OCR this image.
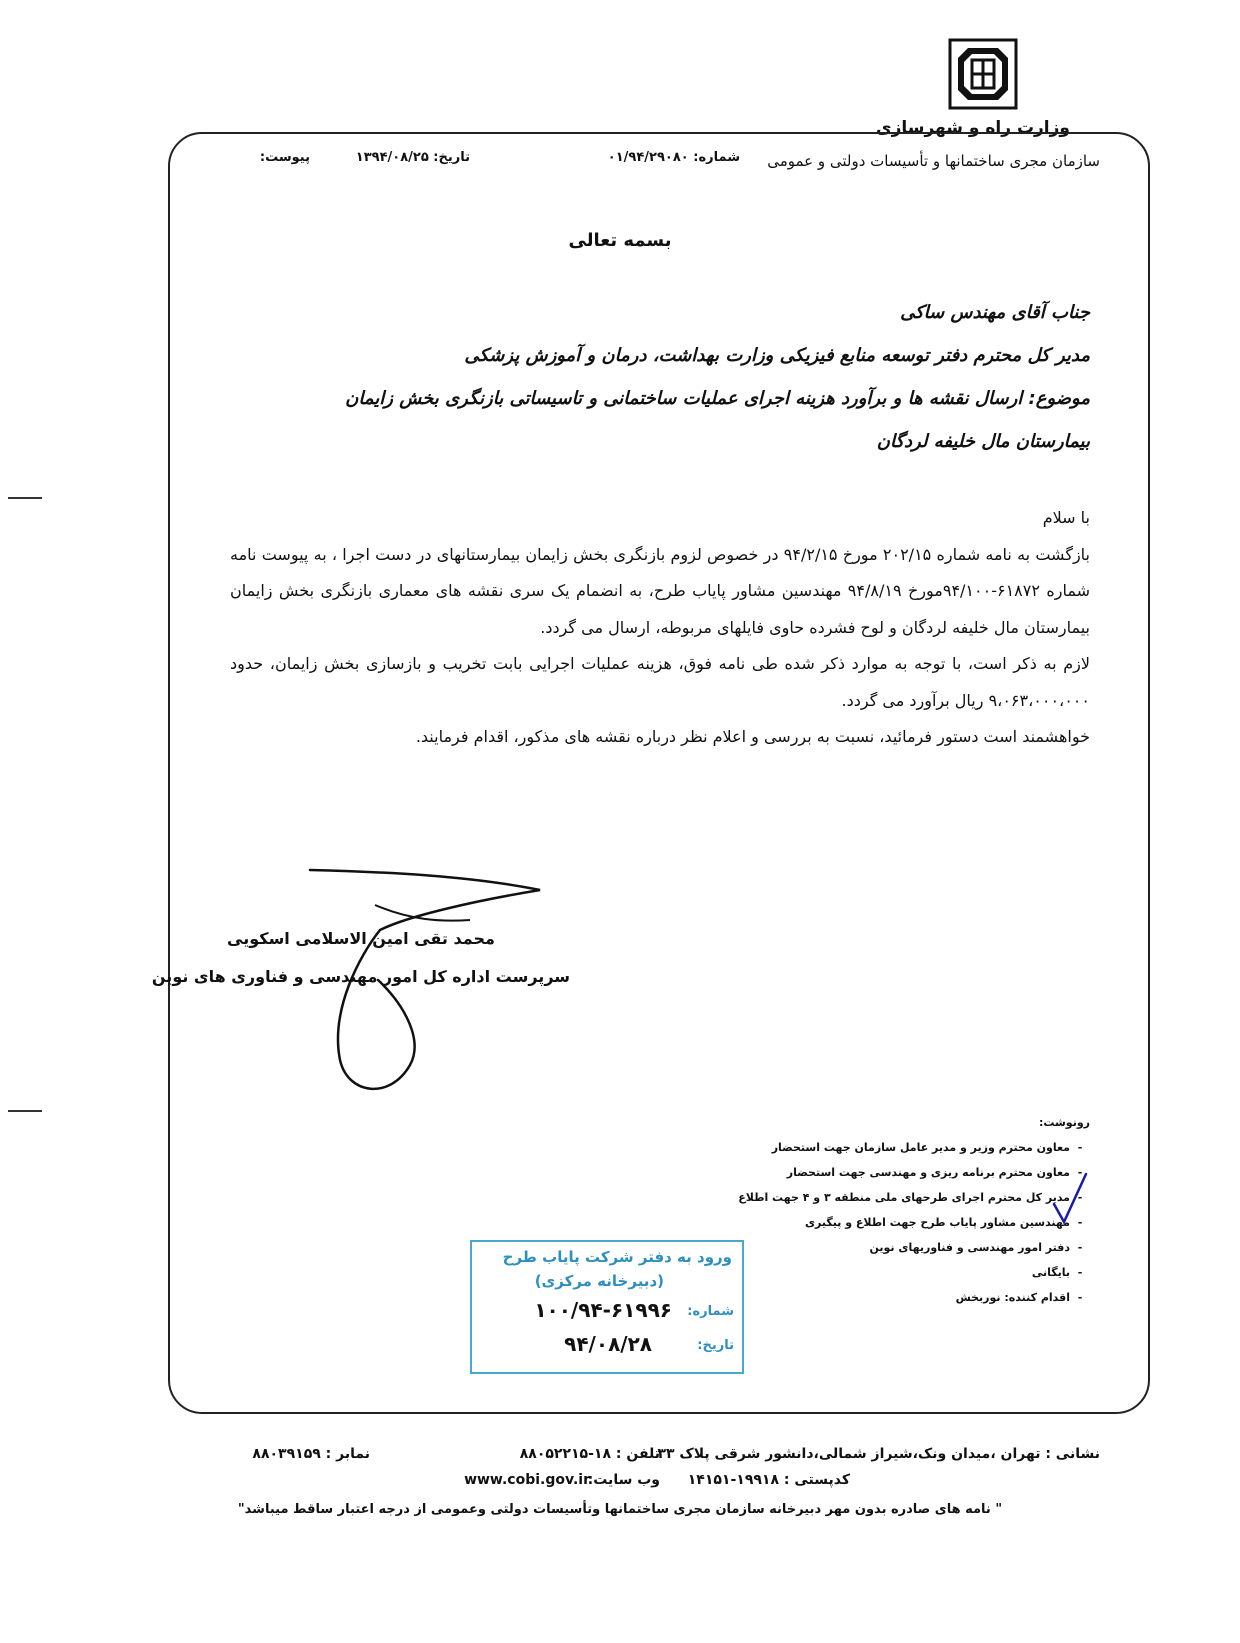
وزارت راه و شهرسازی
سازمان مجری ساختمانها و تأسیسات دولتی و عمومی
شماره: ۰۱/۹۴/۲۹۰۸۰
تاریخ: ۱۳۹۴/۰۸/۲۵
پیوست:
بسمه تعالی
جناب آقای مهندس ساکی
مدیر کل محترم دفتر توسعه منابع فیزیکی وزارت بهداشت، درمان و آموزش پزشکی
موضوع: ارسال نقشه ها و برآورد هزینه اجرای عملیات ساختمانی و تاسیساتی بازنگری بخش زایمان
بیمارستان مال خلیفه لردگان

با سلام

بازگشت به نامه شماره ۲۰۲/۱۵ مورخ ۹۴/۲/۱۵ در خصوص لزوم بازنگری بخش زایمان بیمارستانهای در دست اجرا ، به پیوست نامه شماره ۶۱۸۷۲-۹۴/۱۰۰مورخ ۹۴/۸/۱۹ مهندسین مشاور پایاب طرح، به انضمام یک سری نقشه های معماری بازنگری بخش زایمان بیمارستان مال خلیفه لردگان و لوح فشرده حاوی فایلهای مربوطه، ارسال می گردد.

لازم به ذکر است، با توجه به موارد ذکر شده طی نامه فوق، هزینه عملیات اجرایی بابت تخریب و بازسازی بخش زایمان، حدود ۹،۰۶۳،۰۰۰،۰۰۰ ریال برآورد می گردد.

خواهشمند است دستور فرمائید، نسبت به بررسی و اعلام نظر درباره نقشه های مذکور، اقدام فرمایند.

محمد تقی امین الاسلامی اسکویی
سرپرست اداره کل امور مهندسی و فناوری های نوین
رونوشت:
-
معاون محترم وزیر و مدیر عامل سازمان جهت استحضار
-
معاون محترم برنامه ریزی و مهندسی جهت استحضار
-
مدیر کل محترم اجرای طرحهای ملی منطقه ۳ و ۴ جهت اطلاع
-
مهندسین مشاور پایاب طرح جهت اطلاع و پیگیری
-
دفتر امور مهندسی و فناوریهای نوین
-
بایگانی
-
اقدام کننده: نوربخش
ورود به دفتر شرکت پایاب طرح
(دبیرخانه مرکزی)
شماره:
۱۰۰/۹۴-۶۱۹۹۶
تاریخ:
۹۴/۰۸/۲۸
نشانی : تهران ،میدان ونک،شیراز شمالی،دانشور شرقی پلاک ۳۳
تلفن : ۱۸-۸۸۰۵۲۲۱۵
نمابر : ۸۸۰۳۹۱۵۹
کدپستی : ۱۹۹۱۸-۱۴۱۵۱
وب سایت:
www.cobi.gov.ir
" نامه های صادره بدون مهر دبیرخانه سازمان مجری ساختمانها وتأسیسات دولتی وعمومی از درجه اعتبار ساقط میباشد"
